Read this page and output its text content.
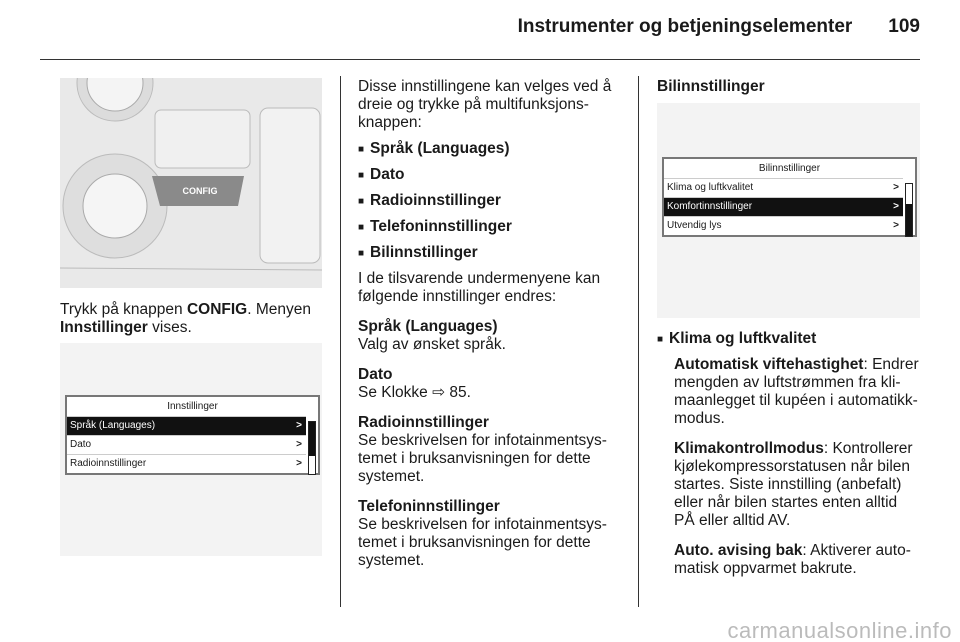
Instrumenter og betjeningselementer 109
CONFIG

Trykk på knappen CONFIG. Menyen Innstillinger vises.

Innstillinger
Språk (Languages)	>
Dato	>
Radioinnstillinger	>

Disse innstillingene kan velges ved å dreie og trykke på multifunksjons-knappen:

■ Språk (Languages)
■ Dato
■ Radioinnstillinger
■ Telefoninnstillinger
■ Bilinnstillinger

I de tilsvarende undermenyene kan følgende innstillinger endres:

Språk (Languages)
Valg av ønsket språk.

Dato
Se Klokke ⇨ 85.

Radioinnstillinger
Se beskrivelsen for infotainmentsys-temet i bruksanvisningen for dette systemet.

Telefoninnstillinger
Se beskrivelsen for infotainmentsys-temet i bruksanvisningen for dette systemet.

Bilinnstillinger

Bilinnstillinger
Klima og luftkvalitet	>
Komfortinnstillinger	>
Utvendig lys	>
■ Klima og luftkvalitet

Automatisk viftehastighet: Endrer mengden av luftstrømmen fra kli-maanlegget til kupéen i automatikk-modus.

Klimakontrollmodus: Kontrollerer kjølekompressorstatusen når bilen startes. Siste innstilling (anbefalt) eller når bilen startes enten alltid PÅ eller alltid AV.

Auto. avising bak: Aktiverer auto-matisk oppvarmet bakrute.

carmanualsonline.info
